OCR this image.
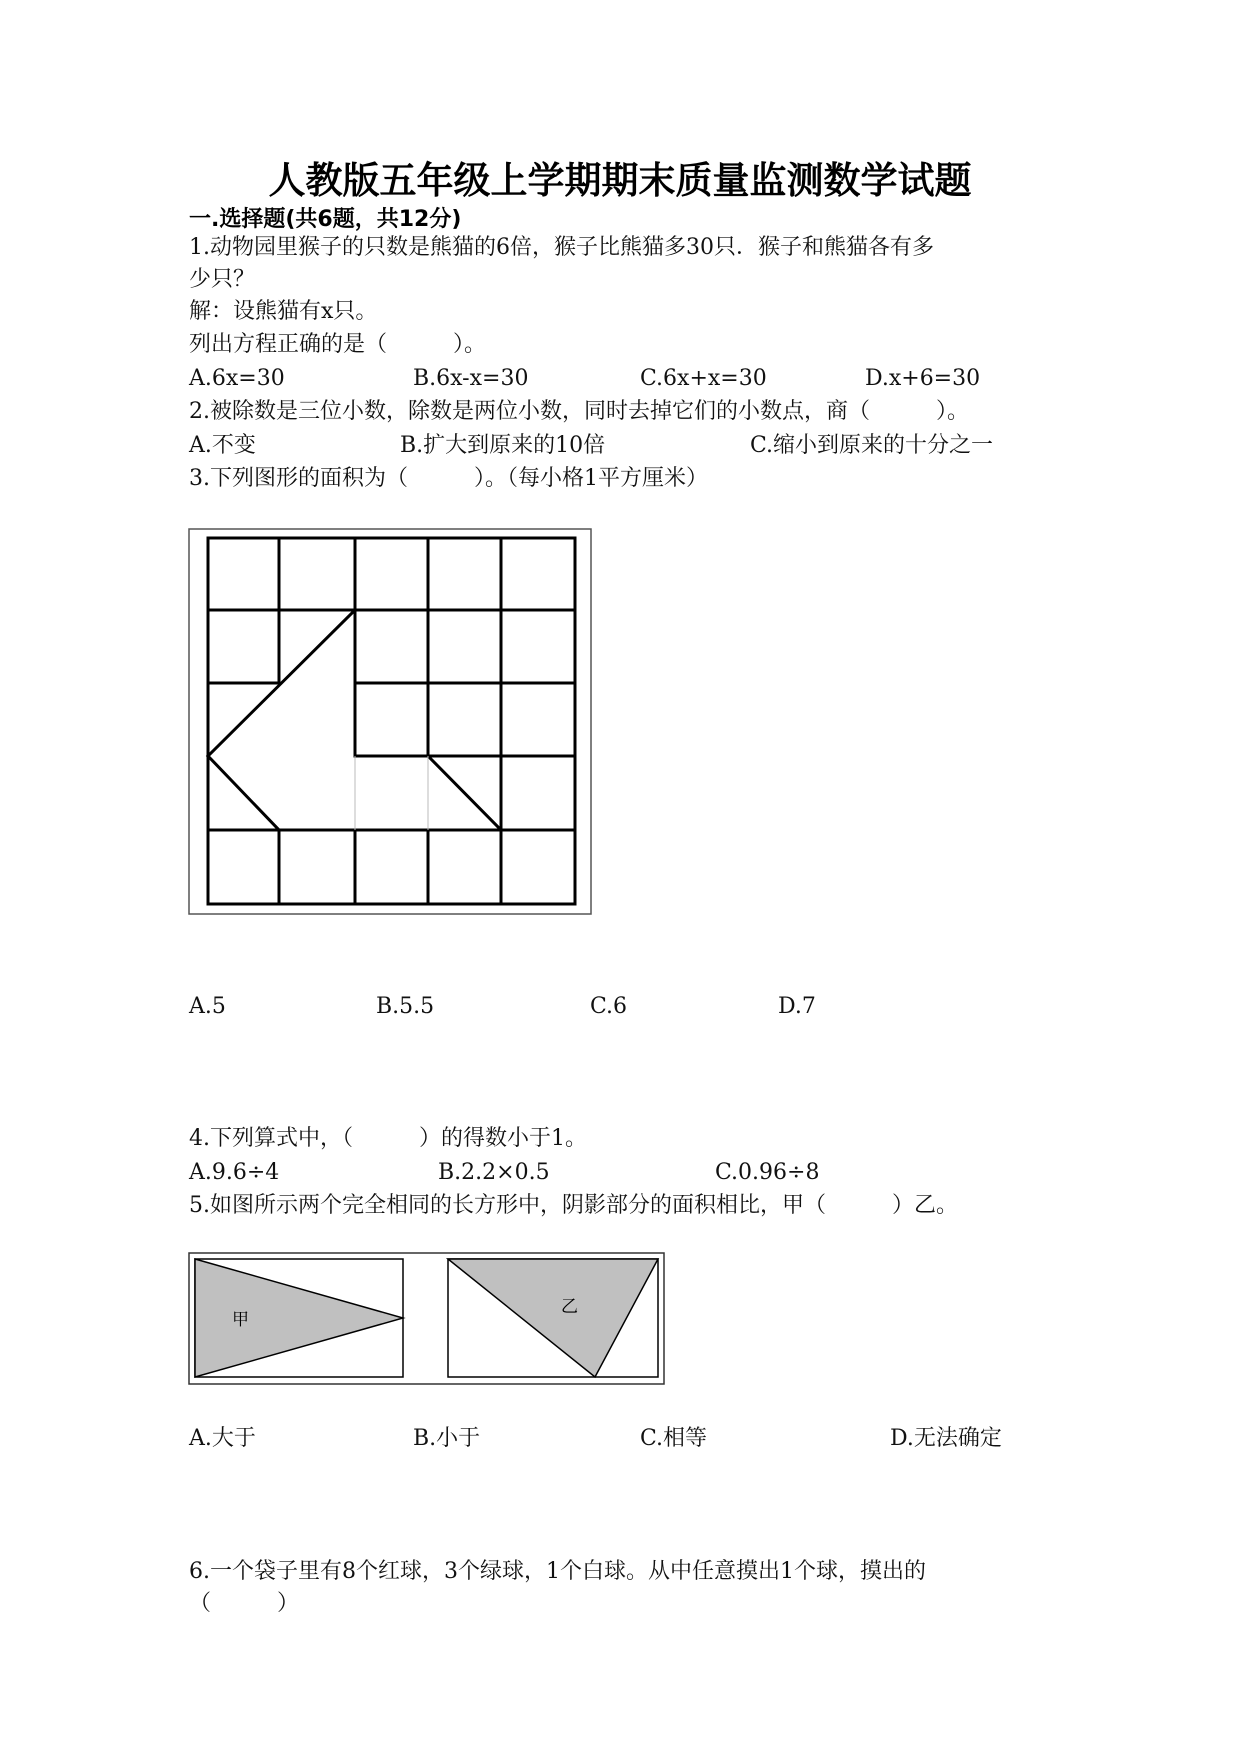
人教版五年级上学期期末质量监测数学试题
一.选择题(共6题，共12分)
1.动物园里猴子的只数是熊猫的6倍，猴子比熊猫多30只．猴子和熊猫各有多
少只？
解：设熊猫有x只。
列出方程正确的是（　　　）。
A.6x=30	B.6x-x=30	C.6x+x=30	D.x+6=30
2.被除数是三位小数，除数是两位小数，同时去掉它们的小数点，商（　　　）。
A.不变	B.扩大到原来的10倍	C.缩小到原来的十分之一
3.下列图形的面积为（　　　）。（每小格1平方厘米）
A.5	B.5.5	C.6	D.7
4.下列算式中，（　　　）的得数小于1。
A.9.6÷4	B.2.2×0.5	C.0.96÷8
5.如图所示两个完全相同的长方形中，阴影部分的面积相比，甲（　　　）乙。
甲
乙
A.大于	B.小于	C.相等	D.无法确定
6.一个袋子里有8个红球，3个绿球，1个白球。从中任意摸出1个球，摸出的
（　　　）
